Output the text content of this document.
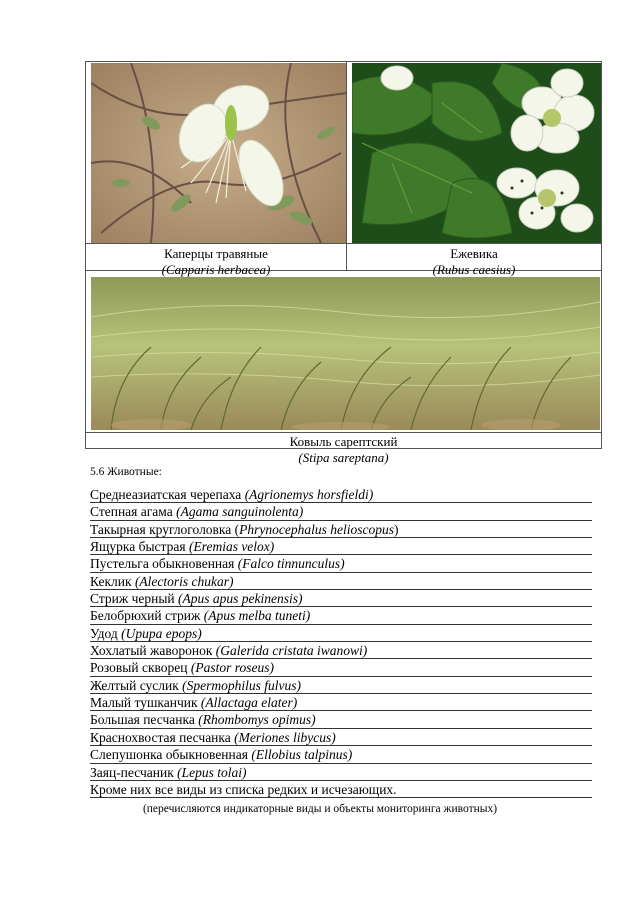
Каперцы травяные
(Capparis herbacea)
Ежевика
(Rubus caesius)
Ковыль сарептский
(Stipa sareptana)
5.6 Животные:
Среднеазиатская черепаха (Agrionemys horsfieldi)
Степная агама (Agama sanguinolenta)
Такырная круглоголовка (Phrynocephalus helioscopus)
Ящурка быстрая (Eremias velox)
Пустельга обыкновенная (Falco tinnunculus)
Кеклик (Alectoris chukar)
Стриж черный (Apus apus pekinensis)
Белобрюхий стриж (Apus melba tuneti)
Удод (Upupa epops)
Хохлатый жаворонок (Galerida cristata iwanowi)
Розовый скворец (Pastor roseus)
Желтый суслик (Spermophilus fulvus)
Малый тушканчик (Allactaga elater)
Большая песчанка (Rhombomys opimus)
Краснохвостая песчанка (Meriones libycus)
Слепушонка обыкновенная (Ellobius talpinus)
Заяц-песчаник (Lepus tolai)
Кроме них все виды из списка редких и исчезающих.
(перечисляются индикаторные виды и объекты мониторинга животных)
